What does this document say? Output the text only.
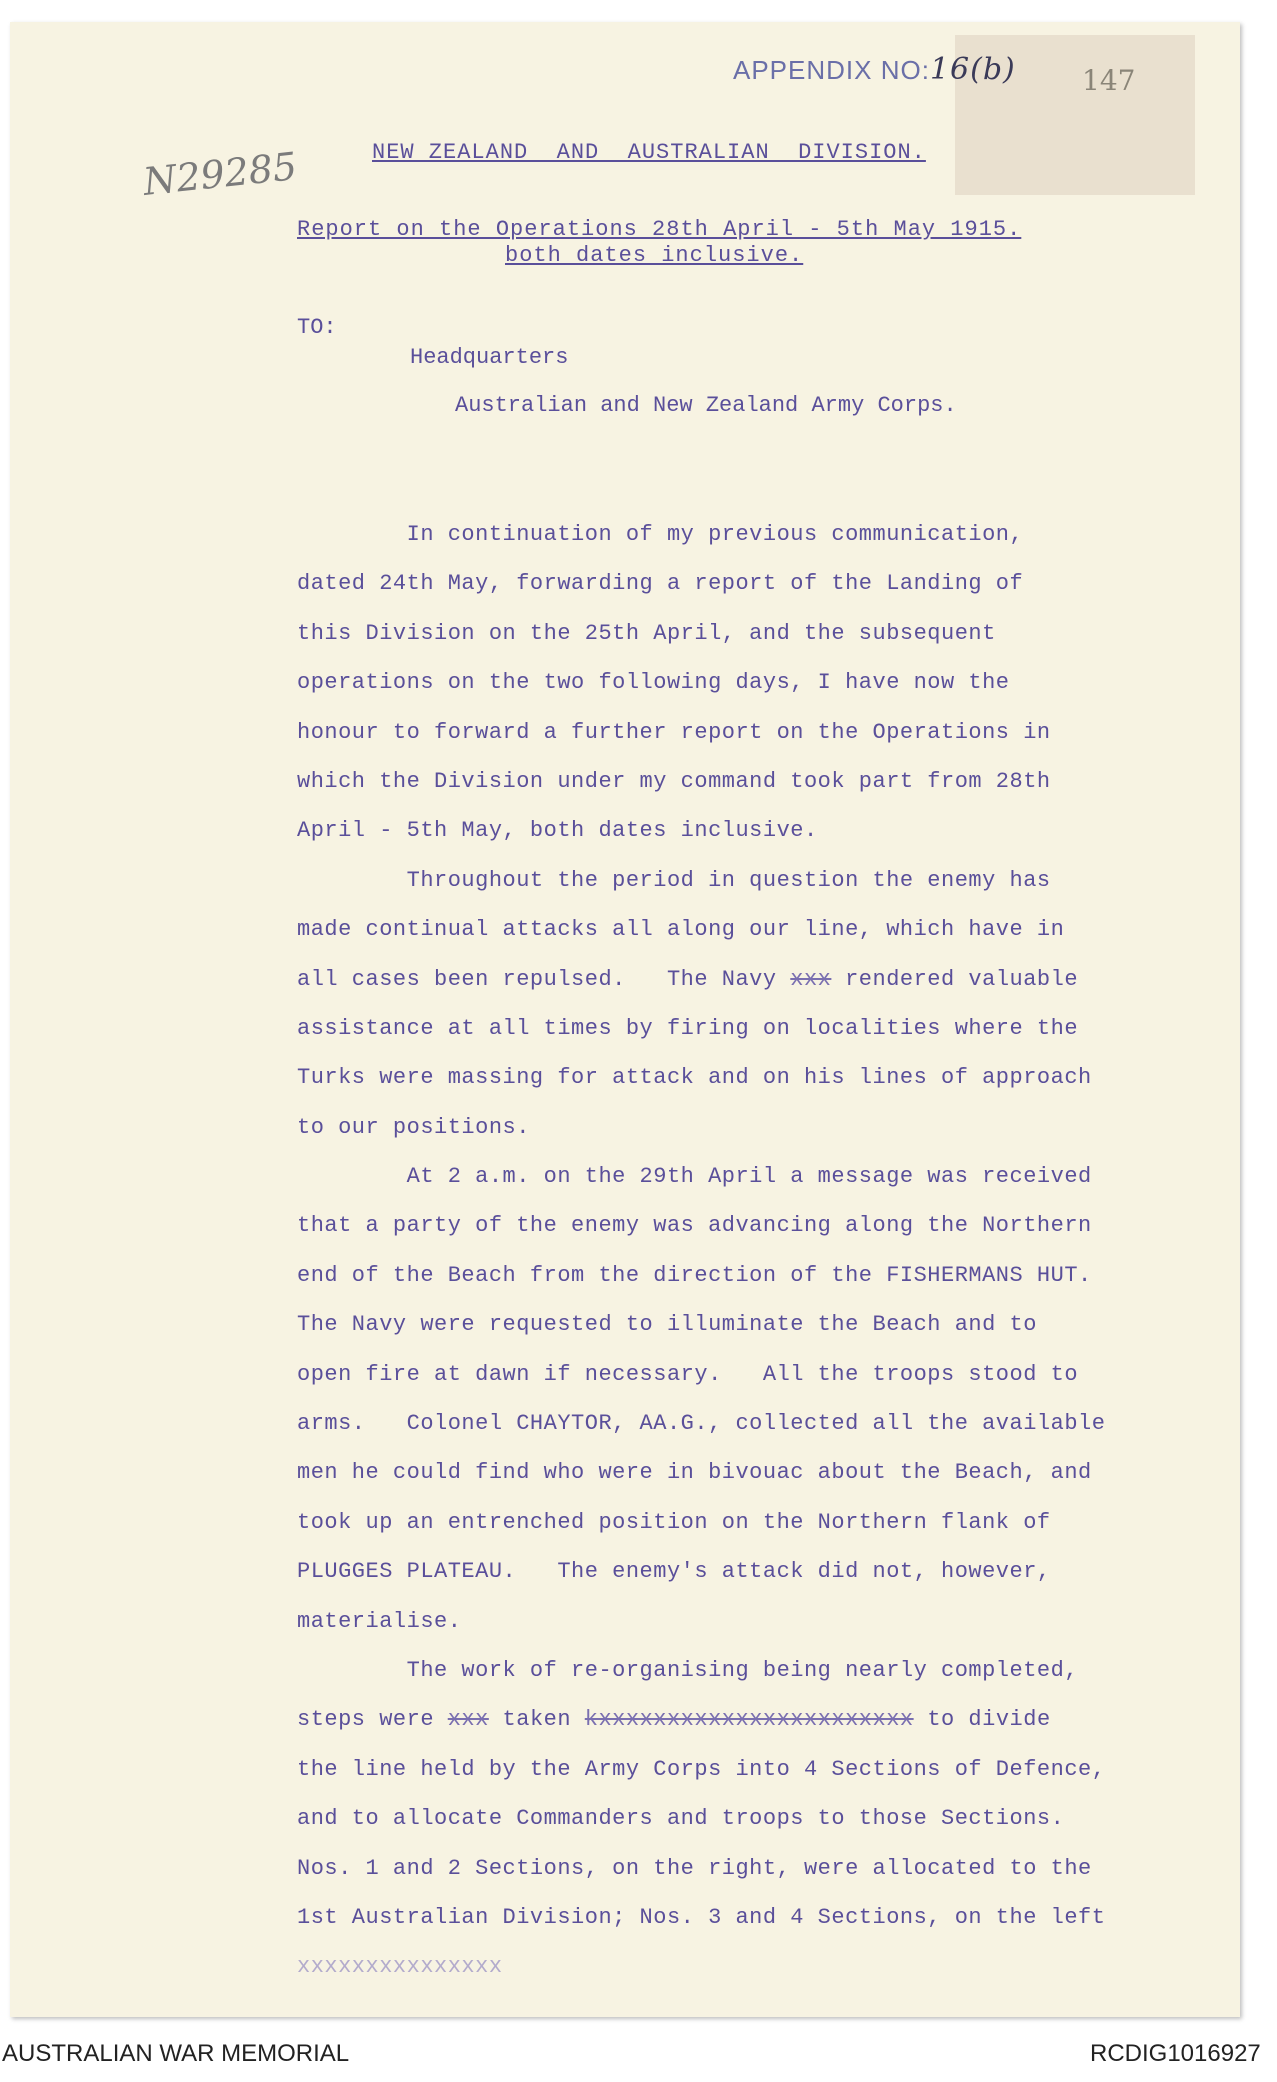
APPENDIX NO:16(b) 147
N29285	NEW ZEALAND  AND  AUSTRALIAN  DIVISION.
Report on the Operations 28th April - 5th May 1915.
both dates inclusive.
TO:
Headquarters
Australian and New Zealand Army Corps.
In continuation of my previous communication,
dated 24th May, forwarding a report of the Landing of
this Division on the 25th April, and the subsequent
operations on the two following days, I have now the
honour to forward a further report on the Operations in
which the Division under my command took part from 28th
April - 5th May, both dates inclusive.
Throughout the period in question the enemy has
made continual attacks all along our line, which have in
all cases been repulsed.   The Navy xxx rendered valuable
assistance at all times by firing on localities where the
Turks were massing for attack and on his lines of approach
to our positions.
At 2 a.m. on the 29th April a message was received
that a party of the enemy was advancing along the Northern
end of the Beach from the direction of the FISHERMANS HUT.
The Navy were requested to illuminate the Beach and to
open fire at dawn if necessary.   All the troops stood to
arms.   Colonel CHAYTOR, AA.G., collected all the available
men he could find who were in bivouac about the Beach, and
took up an entrenched position on the Northern flank of
PLUGGES PLATEAU.   The enemy's attack did not, however,
materialise.
The work of re-organising being nearly completed,
steps were xxx taken kxxxxxxxxxxxxxxxxxxxxxxx to divide
the line held by the Army Corps into 4 Sections of Defence,
and to allocate Commanders and troops to those Sections.
Nos. 1 and 2 Sections, on the right, were allocated to the
1st Australian Division; Nos. 3 and 4 Sections, on the left
xxxxxxxxxxxxxxx
AUSTRALIAN WAR MEMORIAL	RCDIG1016927
